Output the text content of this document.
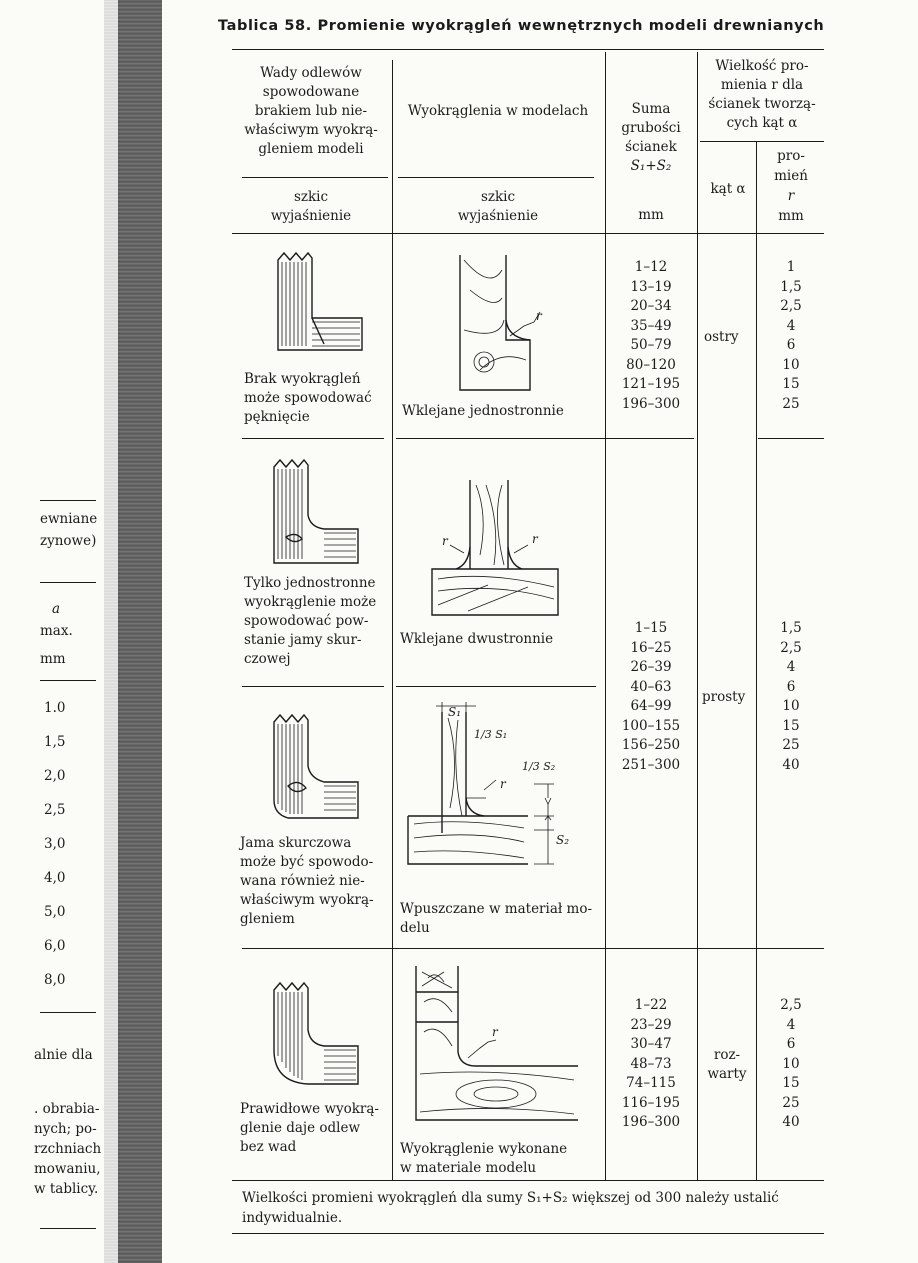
ewniane
zynowe)
a
max.
mm
1.0
1,5
2,0
2,5
3,0
4,0
5,0
6,0
8,0
alnie dla
. obrabia-
nych; po-
rzchniach
mowaniu,
w tablicy.
Tablica 58. Promienie wyokrągleń wewnętrznych modeli drewnianych
Wady odlewów
spowodowane
brakiem lub nie-
właściwym wyokrą-
gleniem modeli
szkic
wyjaśnienie
Wyokrąglenia w modelach
szkic
wyjaśnienie
Suma
grubości
ścianek
S₁+S₂
mm
Wielkość pro-
mienia r dla
ścianek tworzą-
cych kąt α
kąt α
pro-
mień
r
mm
Brak wyokrągleń
może spowodować
pęknięcie
r
Wklejane jednostronnie
1–12
13–19
20–34
35–49
50–79
80–120
121–195
196–300
ostry
1
1,5
2,5
4
6
10
15
25
Tylko jednostronne
wyokrąglenie może
spowodować pow-
stanie jamy skur-
czowej
r	r
Wklejane dwustronnie
1–15
16–25
26–39
40–63
64–99
100–155
156–250
251–300
prosty
1,5
2,5
4
6
10
15
25
40
Jama skurczowa
może być spowodo-
wana również nie-
właściwym wyokrą-
gleniem
S₁
1/3 S₁
r
1/3 S₂
S₂
Wpuszczane w materiał mo-
delu
Prawidłowe wyokrą-
glenie daje odlew
bez wad
r
Wyokrąglenie wykonane
w materiale modelu
1–22
23–29
30–47
48–73
74–115
116–195
196–300
roz-
warty
2,5
4
6
10
15
25
40
Wielkości promieni wyokrągleń dla sumy S₁+S₂ większej od 300 należy ustalić
indywidualnie.
